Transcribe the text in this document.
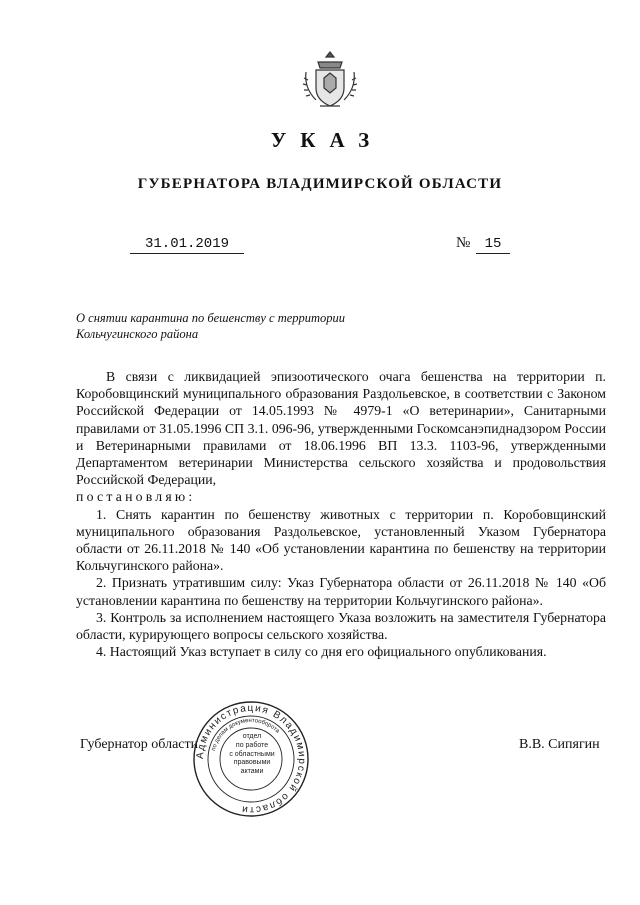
УКАЗ
ГУБЕРНАТОРА ВЛАДИМИРСКОЙ ОБЛАСТИ
31.01.2019	№	15
О снятии карантина по бешенству с территории
Кольчугинского района

В связи с ликвидацией эпизоотического очага бешенства на территории п. Коробовщинский муниципального образования Раздольевское, в соответствии с Законом Российской Федерации от 14.05.1993 № 4979-1 «О ветеринарии», Санитарными правилами от 31.05.1996 СП 3.1. 096-96, утвержденными Госкомсанэпиднадзором России и Ветеринарными правилами от 18.06.1996 ВП 13.3. 1103-96, утвержденными Департаментом ветеринарии Министерства сельского хозяйства и продовольствия Российской Федерации,

постановляю:

1. Снять карантин по бешенству животных с территории п. Коробовщинский муниципального образования Раздольевское, установленный Указом Губернатора области от 26.11.2018 № 140 «Об установлении карантина по бешенству на территории Кольчугинского района».

2. Признать утратившим силу: Указ Губернатора области от 26.11.2018 № 140 «Об установлении карантина по бешенству на территории Кольчугинского района».

3. Контроль за исполнением настоящего Указа возложить на заместителя Губернатора области, курирующего вопросы сельского хозяйства.

4. Настоящий Указ вступает в силу со дня его официального опубликования.

Губернатор области	В.В. Сипягин
Администрация Владимирской области
по делам документооборота
отдел
по работе
с областными
правовыми
актами
